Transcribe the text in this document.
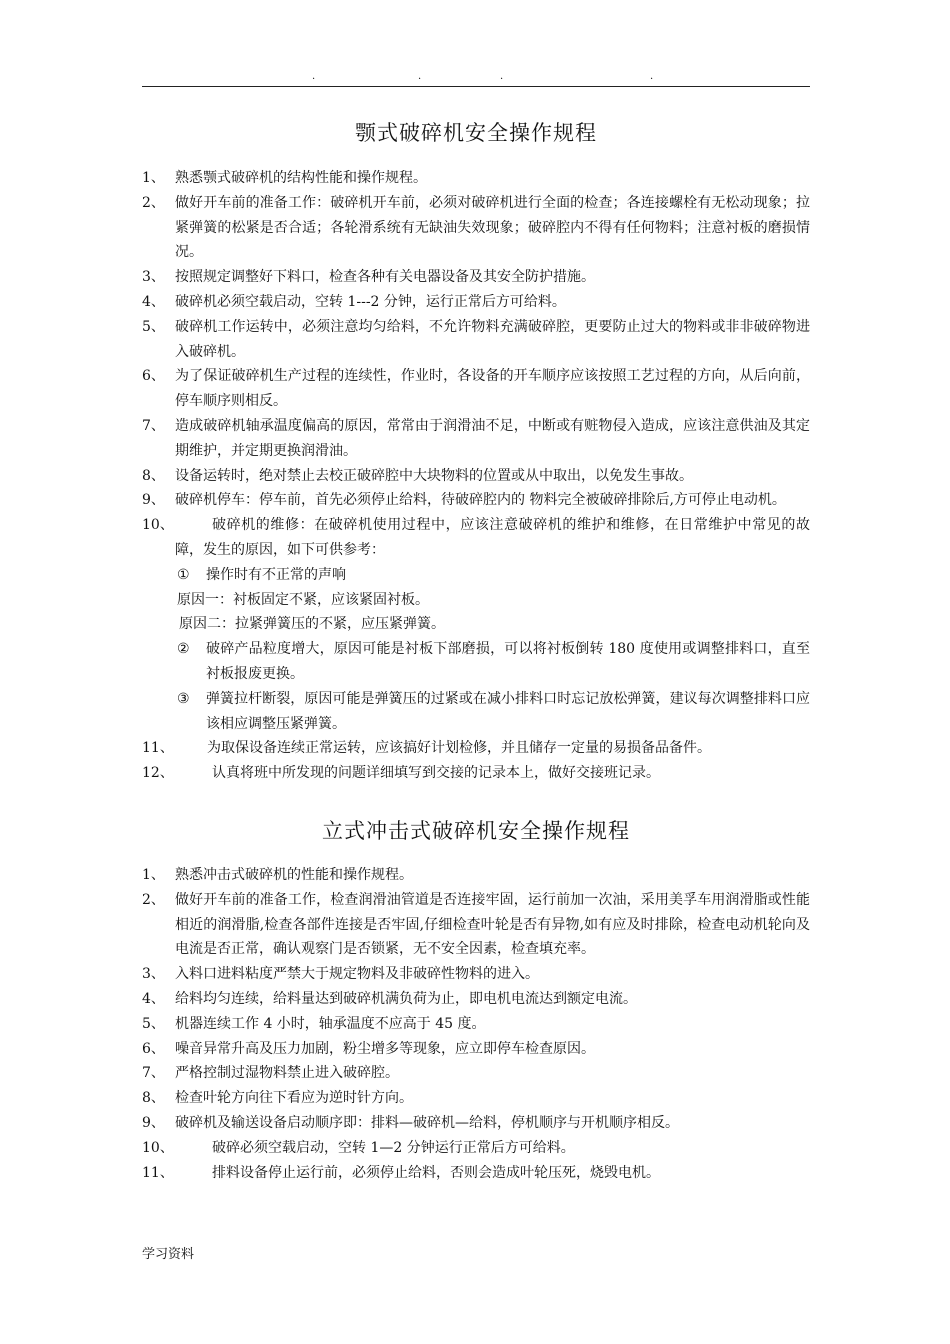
.	.	.	.
颚式破碎机安全操作规程
1、 熟悉颚式破碎机的结构性能和操作规程。
2、 做好开车前的准备工作：破碎机开车前，必须对破碎机进行全面的检查；各连接螺栓有无松动现象；拉紧弹簧的松紧是否合适；各轮滑系统有无缺油失效现象；破碎腔内不得有任何物料；注意衬板的磨损情况。
3、 按照规定调整好下料口，检查各种有关电器设备及其安全防护措施。
4、 破碎机必须空载启动，空转 1---2 分钟，运行正常后方可给料。
5、 破碎机工作运转中，必须注意均匀给料，不允许物料充满破碎腔，更要防止过大的物料或非非破碎物进入破碎机。
6、 为了保证破碎机生产过程的连续性，作业时，各设备的开车顺序应该按照工艺过程的方向，从后向前，停车顺序则相反。
7、 造成破碎机轴承温度偏高的原因，常常由于润滑油不足，中断或有赃物侵入造成，应该注意供油及其定期维护，并定期更换润滑油。
8、 设备运转时，绝对禁止去校正破碎腔中大块物料的位置或从中取出，以免发生事故。
9、 破碎机停车：停车前，首先必须停止给料，待破碎腔内的 物料完全被破碎排除后,方可停止电动机。
10、	破碎机的维修：在破碎机使用过程中，应该注意破碎机的维护和维修，在日常维护中常见的故障，发生的原因，如下可供参考：
① 操作时有不正常的声响
原因一：衬板固定不紧，应该紧固衬板。
原因二：拉紧弹簧压的不紧，应压紧弹簧。
② 破碎产品粒度增大，原因可能是衬板下部磨损，可以将衬板倒转 180 度使用或调整排料口，直至衬板报废更换。
③ 弹簧拉杆断裂，原因可能是弹簧压的过紧或在减小排料口时忘记放松弹簧，建议每次调整排料口应该相应调整压紧弹簧。
11、	为取保设备连续正常运转，应该搞好计划检修，并且储存一定量的易损备品备件。
12、	认真将班中所发现的问题详细填写到交接的记录本上，做好交接班记录。
立式冲击式破碎机安全操作规程
1、 熟悉冲击式破碎机的性能和操作规程。
2、 做好开车前的准备工作，检查润滑油管道是否连接牢固，运行前加一次油，采用美孚车用润滑脂或性能相近的润滑脂,检查各部件连接是否牢固,仔细检查叶轮是否有异物,如有应及时排除，检查电动机轮向及电流是否正常，确认观察门是否锁紧，无不安全因素，检查填充率。
3、 入料口进料粘度严禁大于规定物料及非破碎性物料的进入。
4、 给料均匀连续，给料量达到破碎机满负荷为止，即电机电流达到额定电流。
5、 机器连续工作 4 小时，轴承温度不应高于 45 度。
6、 噪音异常升高及压力加剧，粉尘增多等现象，应立即停车检查原因。
7、 严格控制过湿物料禁止进入破碎腔。
8、 检查叶轮方向往下看应为逆时针方向。
9、 破碎机及输送设备启动顺序即：排料—破碎机—给料，停机顺序与开机顺序相反。
10、	破碎必须空载启动，空转 1—2 分钟运行正常后方可给料。
11、	排料设备停止运行前，必须停止给料，否则会造成叶轮压死，烧毁电机。
学习资料
